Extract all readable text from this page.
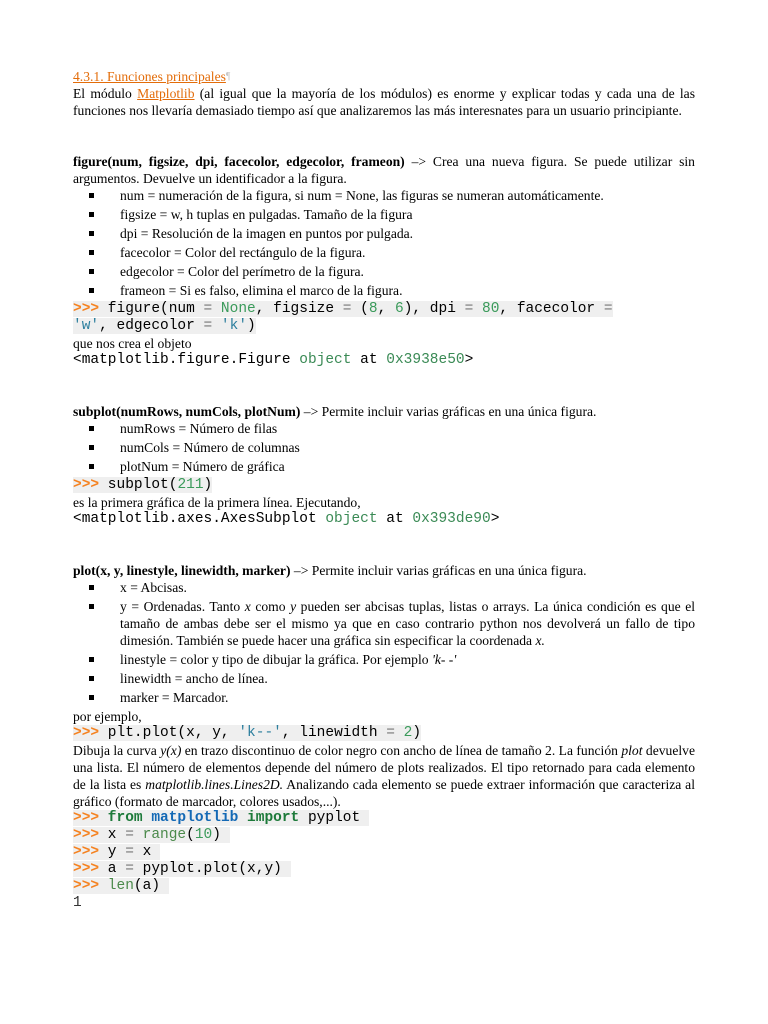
4.3.1. Funciones principales¶

El módulo Matplotlib (al igual que la mayoría de los módulos) es enorme y explicar todas y cada una de las funciones nos llevaría demasiado tiempo así que analizaremos las más interesnates para un usuario principiante.

figure(num, figsize, dpi, facecolor, edgecolor, frameon) –> Crea una nueva figura. Se puede utilizar sin argumentos. Devuelve un identificador a la figura.

num = numeración de la figura, si num = None, las figuras se numeran automáticamente.
figsize = w, h tuplas en pulgadas. Tamaño de la figura
dpi = Resolución de la imagen en puntos por pulgada.
facecolor = Color del rectángulo de la figura.
edgecolor = Color del perímetro de la figura.
frameon = Si es falso, elimina el marco de la figura.
>>> figure(num = None, figsize = (8, 6), dpi = 80, facecolor =
'w', edgecolor = 'k')

que nos crea el objeto

<matplotlib.figure.Figure object at 0x3938e50>

subplot(numRows, numCols, plotNum) –> Permite incluir varias gráficas en una única figura.

numRows = Número de filas
numCols = Número de columnas
plotNum = Número de gráfica
>>> subplot(211)

es la primera gráfica de la primera línea. Ejecutando,

<matplotlib.axes.AxesSubplot object at 0x393de90>

plot(x, y, linestyle, linewidth, marker) –> Permite incluir varias gráficas en una única figura.

x = Abcisas.
y = Ordenadas. Tanto x como y pueden ser abcisas tuplas, listas o arrays. La única condición es que el tamaño de ambas debe ser el mismo ya que en caso contrario python nos devolverá un fallo de tipo dimesión. También se puede hacer una gráfica sin especificar la coordenada x.
linestyle = color y tipo de dibujar la gráfica. Por ejemplo 'k- -'
linewidth = ancho de línea.
marker = Marcador.

por ejemplo,

>>> plt.plot(x, y, 'k--', linewidth = 2)

Dibuja la curva y(x) en trazo discontinuo de color negro con ancho de línea de tamaño 2. La función plot devuelve una lista. El número de elementos depende del número de plots realizados. El tipo retornado para cada elemento de la lista es matplotlib.lines.Lines2D. Analizando cada elemento se puede extraer información que caracteriza al gráfico (formato de marcador, colores usados,...).

>>> from matplotlib import pyplot
>>> x = range(10)
>>> y = x
>>> a = pyplot.plot(x,y)
>>> len(a)
1
